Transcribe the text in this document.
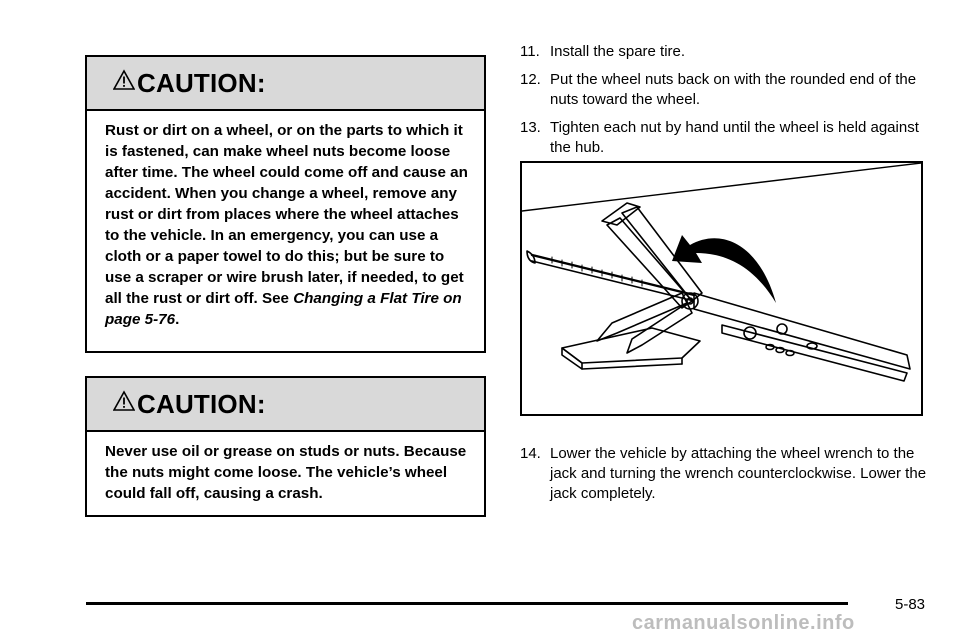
CAUTION:
Rust or dirt on a wheel, or on the parts to which it is fastened, can make wheel nuts become loose after time. The wheel could come off and cause an accident. When you change a wheel, remove any rust or dirt from places where the wheel attaches to the vehicle. In an emergency, you can use a cloth or a paper towel to do this; but be sure to use a scraper or wire brush later, if needed, to get all the rust or dirt off. See Changing a Flat Tire on page 5-76.
CAUTION:
Never use oil or grease on studs or nuts. Because the nuts might come loose. The vehicle’s wheel could fall off, causing a crash.
11. Install the spare tire.
12. Put the wheel nuts back on with the rounded end of the nuts toward the wheel.
13. Tighten each nut by hand until the wheel is held against the hub.
14. Lower the vehicle by attaching the wheel wrench to the jack and turning the wrench counterclockwise. Lower the jack completely.
5-83
carmanualsonline.info
